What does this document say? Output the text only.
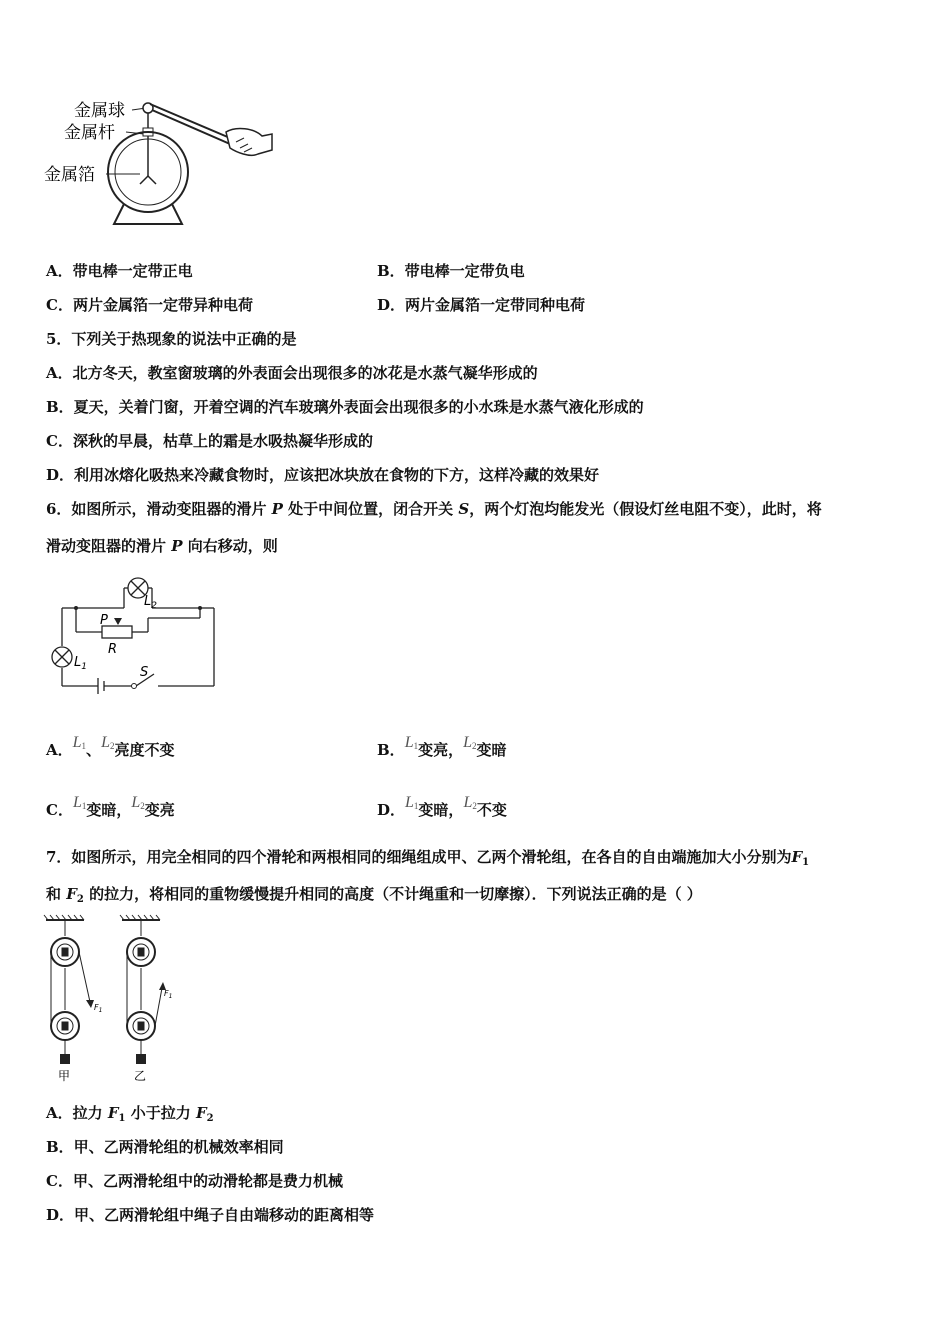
金属球
金属杆
金属箔
A．带电棒一定带正电	B．带电棒一定带负电
C．两片金属箔一定带异种电荷	D．两片金属箔一定带同种电荷
5．下列关于热现象的说法中正确的是
A．北方冬天，教室窗玻璃的外表面会出现很多的冰花是水蒸气凝华形成的
B．夏天，关着门窗，开着空调的汽车玻璃外表面会出现很多的小水珠是水蒸气液化形成的
C．深秋的早晨，枯草上的霜是水吸热凝华形成的
D．利用冰熔化吸热来冷藏食物时，应该把冰块放在食物的下方，这样冷藏的效果好
6．如图所示，滑动变阻器的滑片 P 处于中间位置，闭合开关 S，两个灯泡均能发光（假设灯丝电阻不变），此时，将
滑动变阻器的滑片 P 向右移动，则
$L_2$
$L_1$
P
R
S
A．L1、L2亮度不变	B．L1变亮，L2变暗
C．L1变暗，L2变亮	D．L1变暗，L2不变
7．如图所示，用完全相同的四个滑轮和两根相同的细绳组成甲、乙两个滑轮组，在各自的自由端施加大小分别为$F_1$
和 $F_2$ 的拉力，将相同的重物缓慢提升相同的高度（不计绳重和一切摩擦）．下列说法正确的是（ ）
$F_1$
$F_1$
甲	乙
A．拉力 $F_1$ 小于拉力 $F_2$
B．甲、乙两滑轮组的机械效率相同
C．甲、乙两滑轮组中的动滑轮都是费力机械
D．甲、乙两滑轮组中绳子自由端移动的距离相等
